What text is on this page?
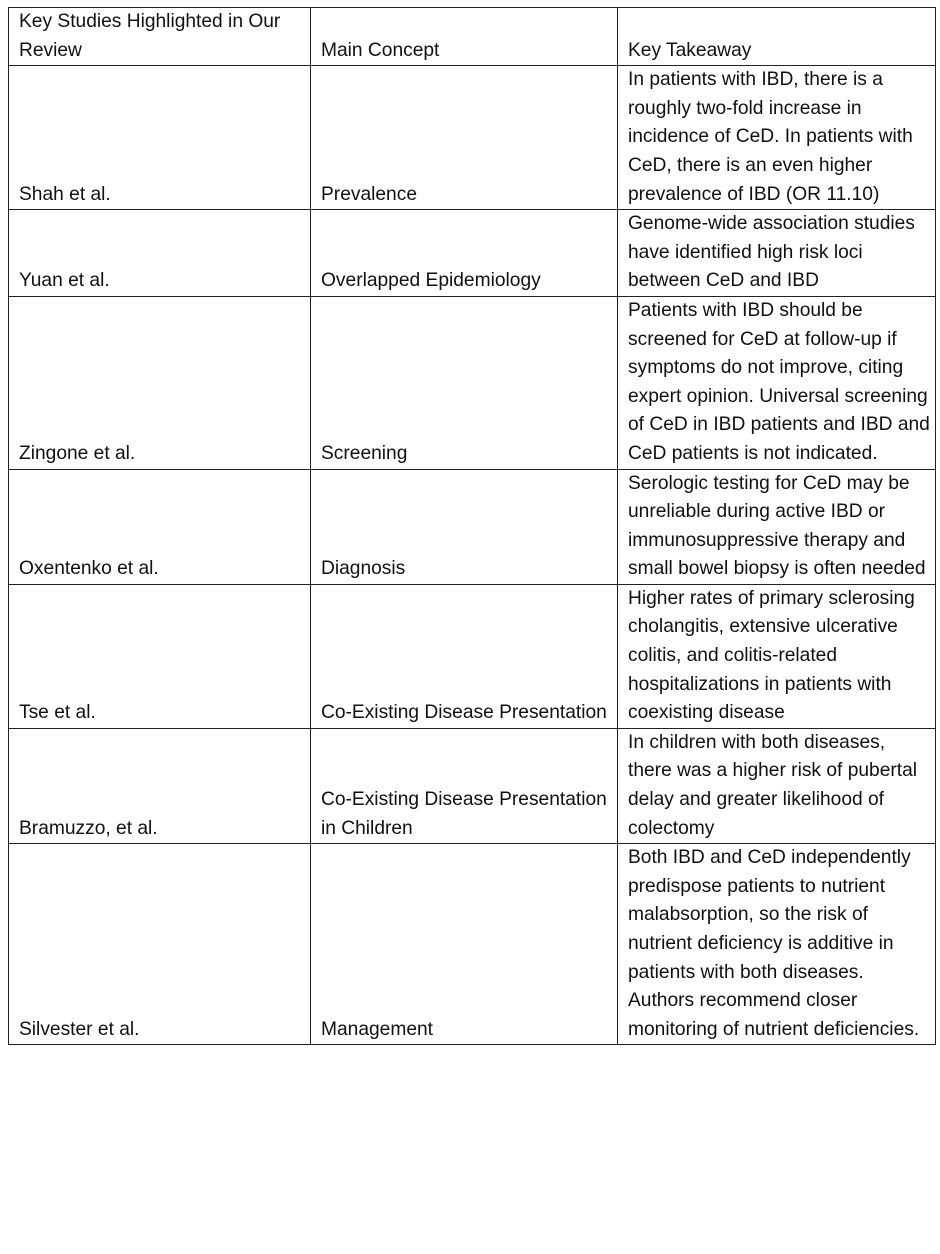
Key Studies Highlighted in Our Review	Main Concept	Key Takeaway
Shah et al.	Prevalence	In patients with IBD, there is a roughly two-fold increase in incidence of CeD. In patients with CeD, there is an even higher prevalence of IBD (OR 11.10)
Yuan et al.	Overlapped Epidemiology	Genome-wide association studies have identified high risk loci between CeD and IBD
Zingone et al.	Screening	Patients with IBD should be screened for CeD at follow-up if symptoms do not improve, citing expert opinion. Universal screening of CeD in IBD patients and IBD and CeD patients is not indicated.
Oxentenko et al.	Diagnosis	Serologic testing for CeD may be unreliable during active IBD or immunosuppressive therapy and small bowel biopsy is often needed
Tse et al.	Co-Existing Disease Presentation	Higher rates of primary sclerosing cholangitis, extensive ulcerative colitis, and colitis-related hospitalizations in patients with coexisting disease
Bramuzzo, et al.	Co-Existing Disease Presentation in Children	In children with both diseases, there was a higher risk of pubertal delay and greater likelihood of colectomy
Silvester et al.	Management	Both IBD and CeD independently predispose patients to nutrient malabsorption, so the risk of nutrient deficiency is additive in patients with both diseases. Authors recommend closer monitoring of nutrient deficiencies.
